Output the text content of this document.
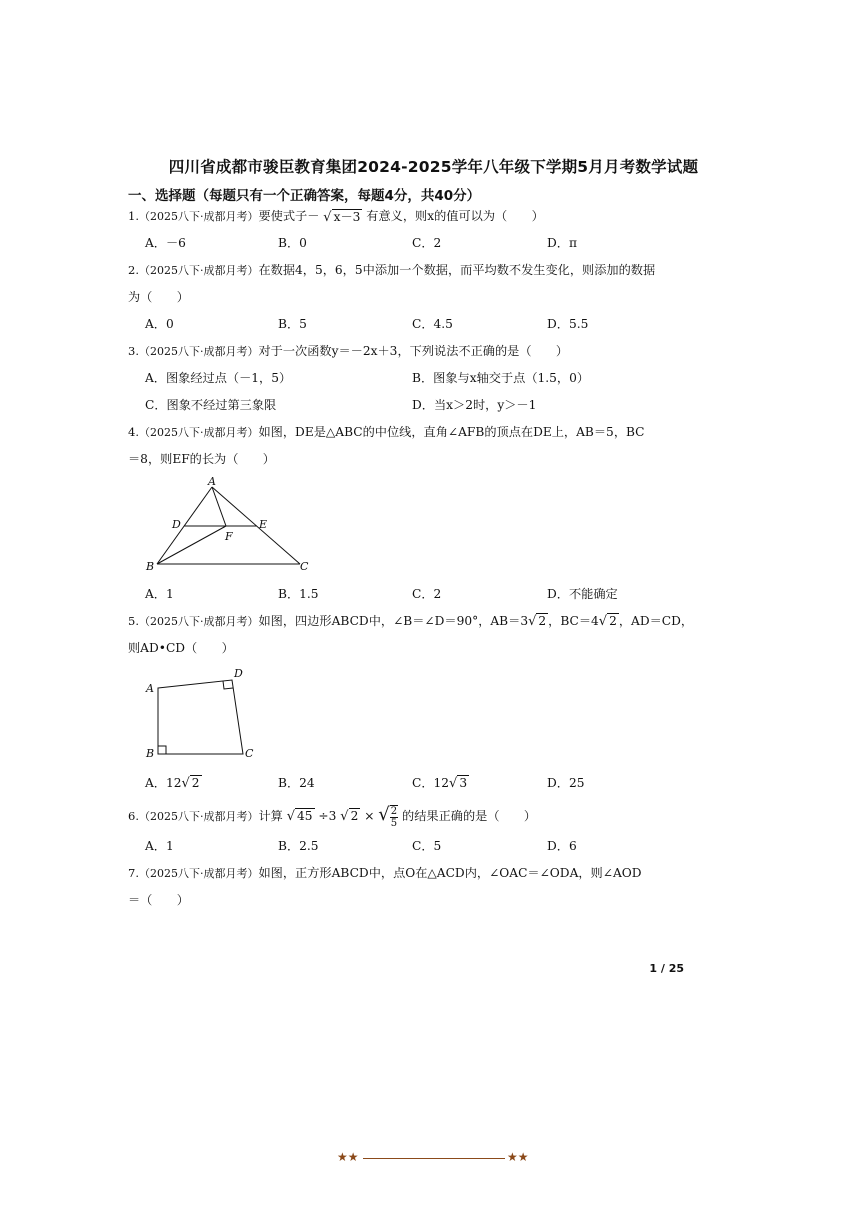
四川省成都市骏臣教育集团2024-2025学年八年级下学期5月月考数学试题
一、选择题（每题只有一个正确答案，每题4分，共40分）
1.（2025八下·成都月考）要使式子－ √ x－3 有意义，则x的值可以为（　　）
A．－6	B．0	C．2	D．π
2.（2025八下·成都月考）在数据4，5，6，5中添加一个数据，而平均数不发生变化，则添加的数据
为（　　）
A．0	B．5	C．4.5	D．5.5
3.（2025八下·成都月考）对于一次函数y＝－2x＋3，下列说法不正确的是（　　）
A．图象经过点（－1，5）	B．图象与x轴交于点（1.5，0）
C．图象不经过第三象限	D．当x＞2时，y＞－1
4.（2025八下·成都月考）如图，DE是△ABC的中位线，直角∠AFB的顶点在DE上，AB＝5，BC
＝8，则EF的长为（　　）
A
D	E
F
B	C
A．1	B．1.5	C．2	D．不能确定
5.（2025八下·成都月考）如图，四边形ABCD中，∠B＝∠D＝90°，AB＝3√ 2 ，BC＝4√ 2 ，AD＝CD，
则AD•CD（　　）
A
D
B	C
A．12√ 2	B．24	C．12√ 3	D．25
6.（2025八下·成都月考）计算 √ 45 ÷3 √ 2 × √ $\frac{2}{5}$ 的结果正确的是（　　）
A．1	B．2.5	C．5	D．6
7.（2025八下·成都月考）如图，正方形ABCD中，点O在△ACD内，∠OAC＝∠ODA，则∠AOD
＝（　　）
1 / 25
★★	★★
